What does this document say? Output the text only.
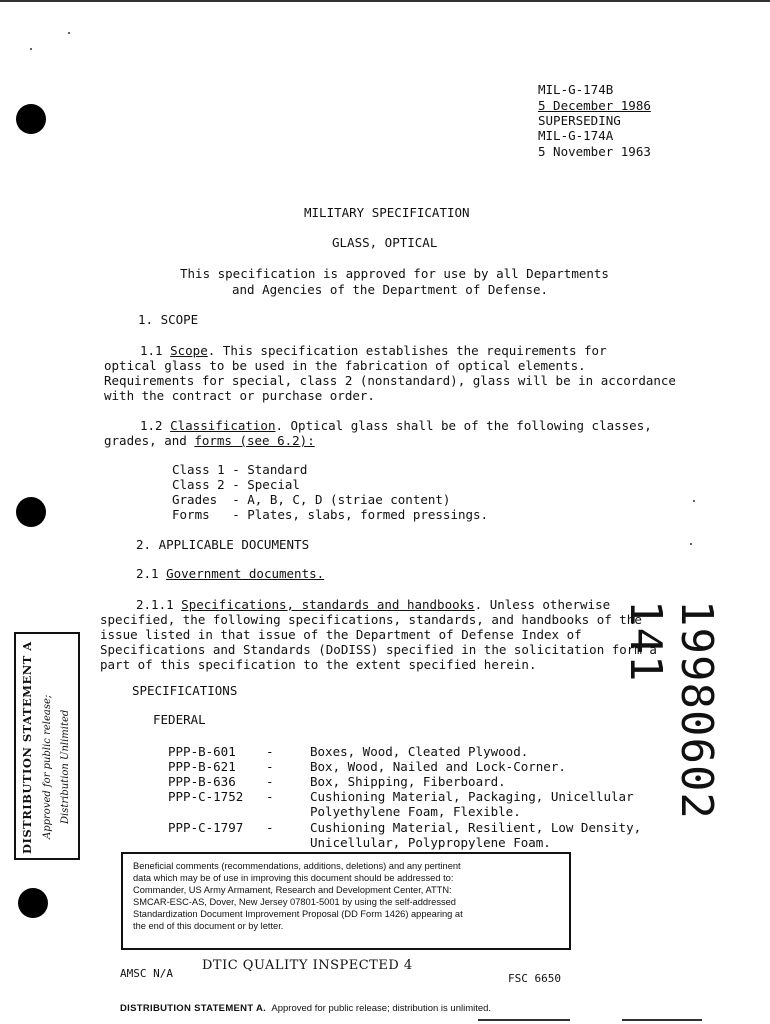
MIL-G-174B
5 December 1986
SUPERSEDING
MIL-G-174A
5 November 1963
MILITARY SPECIFICATION
GLASS, OPTICAL
This specification is approved for use by all Departments
and Agencies of the Department of Defense.
1. SCOPE
1.1 Scope. This specification establishes the requirements for
optical glass to be used in the fabrication of optical elements.
Requirements for special, class 2 (nonstandard), glass will be in accordance
with the contract or purchase order.
1.2 Classification. Optical glass shall be of the following classes,
grades, and forms (see 6.2):
Class 1 - Standard
Class 2 - Special
Grades  - A, B, C, D (striae content)
Forms   - Plates, slabs, formed pressings.
2. APPLICABLE DOCUMENTS
2.1 Government documents.
2.1.1 Specifications, standards and handbooks. Unless otherwise
specified, the following specifications, standards, and handbooks of the
issue listed in that issue of the Department of Defense Index of
Specifications and Standards (DoDISS) specified in the solicitation form a
part of this specification to the extent specified herein.
SPECIFICATIONS
FEDERAL
PPP-B-601 -	Boxes, Wood, Cleated Plywood.
PPP-B-621 -	Box, Wood, Nailed and Lock-Corner.
PPP-B-636 -	Box, Shipping, Fiberboard.
PPP-C-1752 -	Cushioning Material, Packaging, Unicellular
Polyethylene Foam, Flexible.
PPP-C-1797 -	Cushioning Material, Resilient, Low Density,
Unicellular, Polypropylene Foam.
Beneficial comments (recommendations, additions, deletions) and any pertinent
data which may be of use in improving this document should be addressed to:
Commander, US Army Armament, Research and Development Center, ATTN:
SMCAR-ESC-AS, Dover, New Jersey 07801-5001 by using the self-addressed
Standardization Document Improvement Proposal (DD Form 1426) appearing at
the end of this document or by letter.
AMSC N/A
DTIC QUALITY INSPECTED 4
FSC 6650
DISTRIBUTION STATEMENT A. Approved for public release; distribution is unlimited.
DISTRIBUTION STATEMENT A Approved for public release; Distribution Unlimited	19980602 141
